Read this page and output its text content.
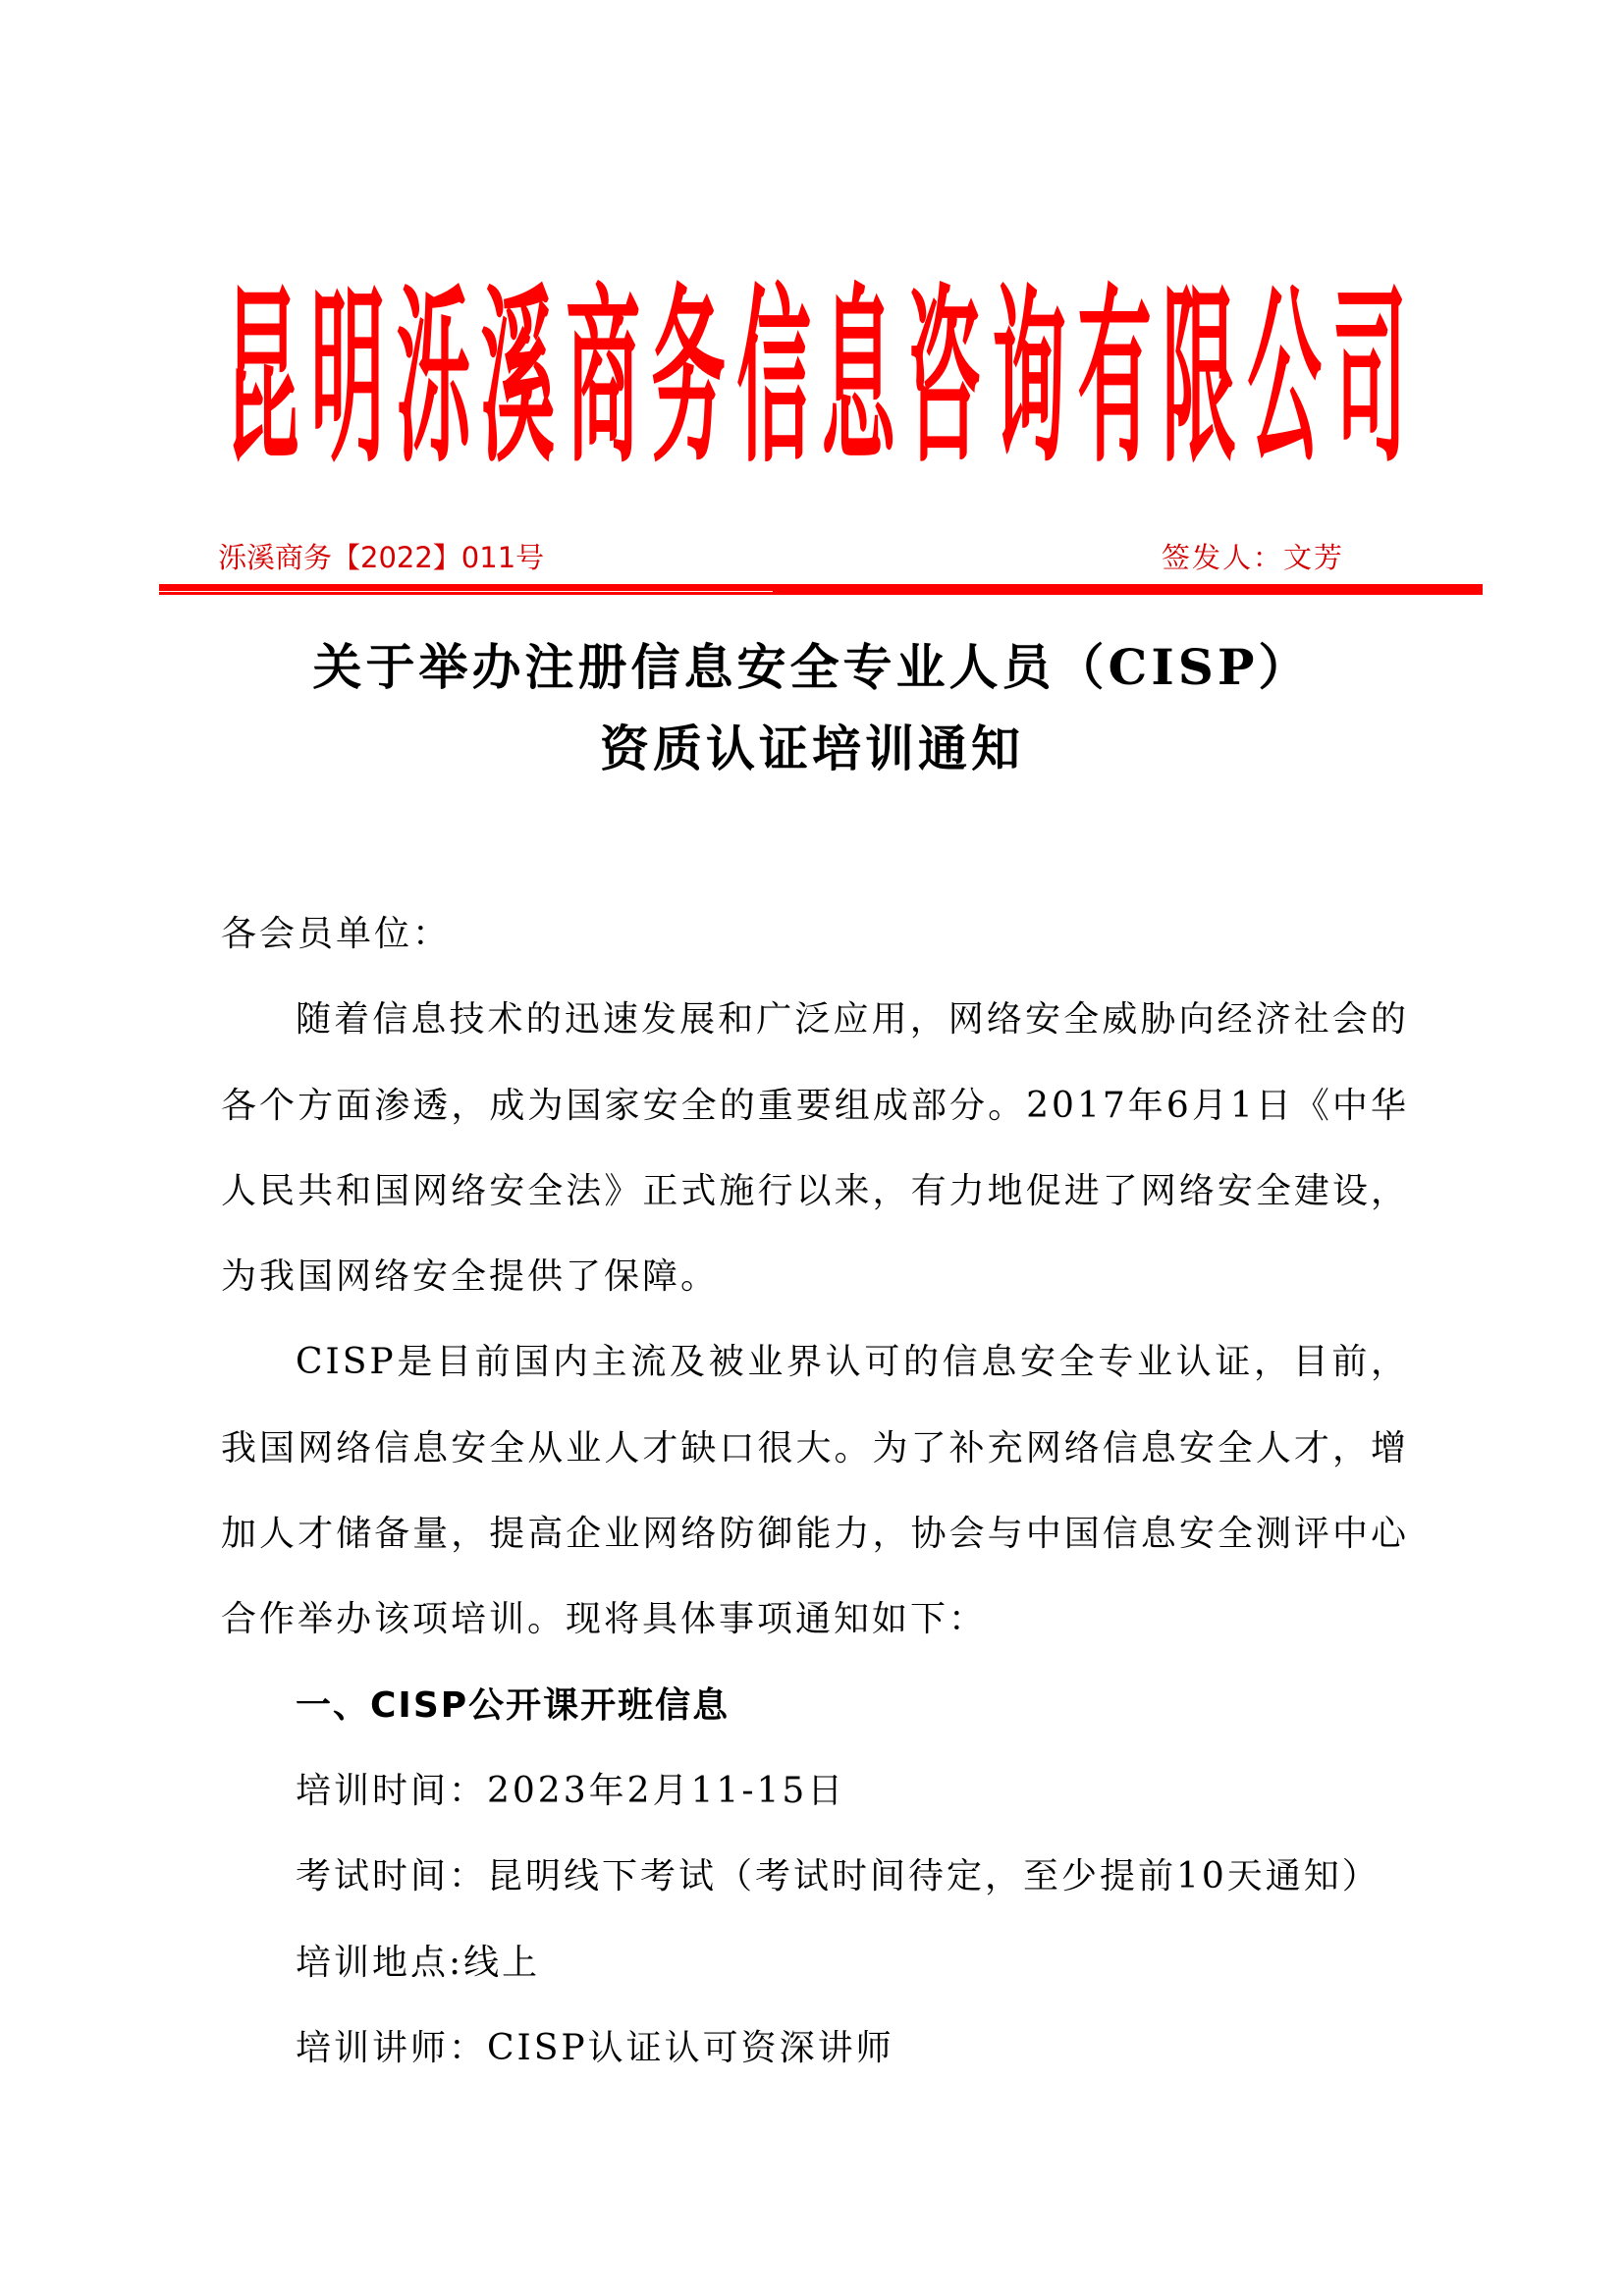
昆 明 泺 溪 商 务 信 息 咨 询 有 限 公 司
泺溪商务【2022】011号	签发人：文芳
关于举办注册信息安全专业人员（CISP）
资质认证培训通知

各会员单位：

随着信息技术的迅速发展和广泛应用，网络安全威胁向经济社会的各个方面渗透，成为国家安全的重要组成部分。2017年6月1日《中华人民共和国网络安全法》正式施行以来，有力地促进了网络安全建设，为我国网络安全提供了保障。

CISP是目前国内主流及被业界认可的信息安全专业认证，目前，我国网络信息安全从业人才缺口很大。为了补充网络信息安全人才，增加人才储备量，提高企业网络防御能力，协会与中国信息安全测评中心合作举办该项培训。现将具体事项通知如下：

一、CISP公开课开班信息

培训时间：2023年2月11-15日

考试时间：昆明线下考试（考试时间待定，至少提前10天通知）

培训地点:线上

培训讲师：CISP认证认可资深讲师
